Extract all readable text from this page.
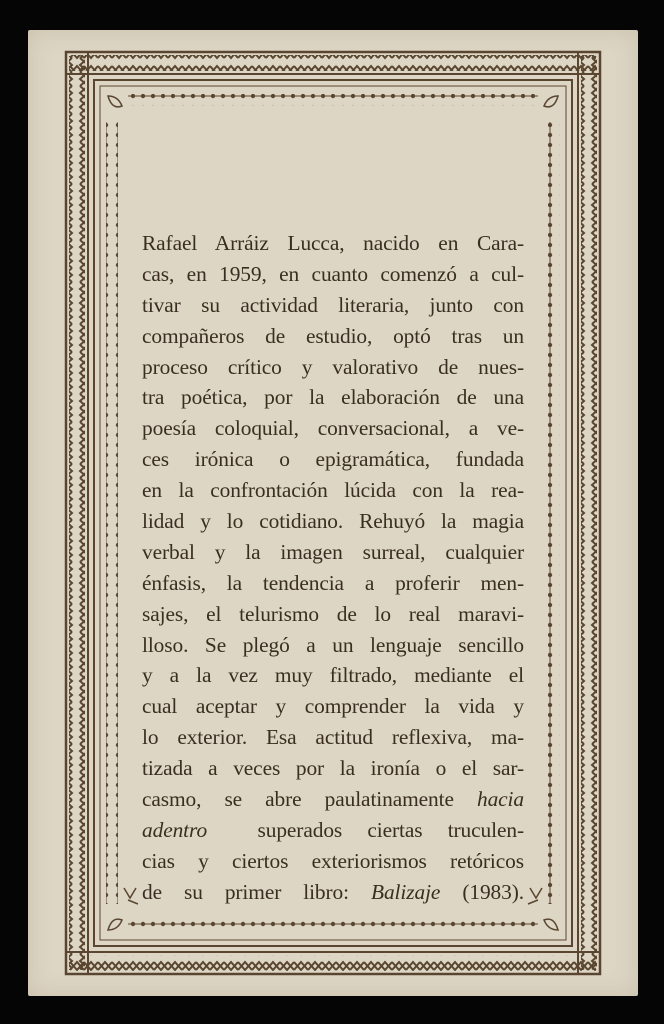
Rafael Arráiz Lucca, nacido en Cara-
cas, en 1959, en cuanto comenzó a cul-
tivar su actividad literaria, junto con
compañeros de estudio, optó tras un
proceso crítico y valorativo de nues-
tra poética, por la elaboración de una
poesía coloquial, conversacional, a ve-
ces irónica o epigramática, fundada
en la confrontación lúcida con la rea-
lidad y lo cotidiano. Rehuyó la magia
verbal y la imagen surreal, cualquier
énfasis, la tendencia a proferir men-
sajes, el telurismo de lo real maravi-
lloso. Se plegó a un lenguaje sencillo
y a la vez muy filtrado, mediante el
cual aceptar y comprender la vida y
lo exterior. Esa actitud reflexiva, ma-
tizada a veces por la ironía o el sar-
casmo, se abre paulatinamente hacia
adentro superados ciertas truculen-
cias y ciertos exteriorismos retóricos
de su primer libro: Balizaje (1983).
